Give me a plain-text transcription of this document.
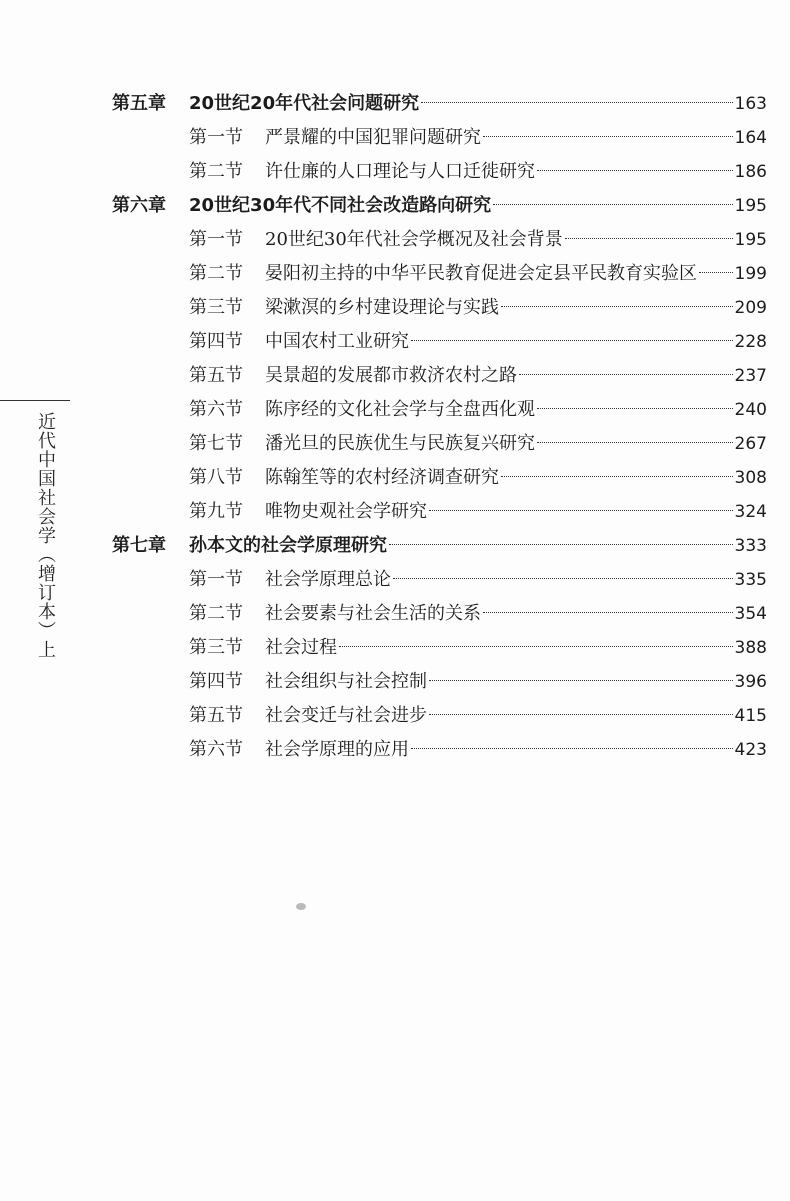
第五章	20世纪20年代社会问题研究	163
第一节	严景耀的中国犯罪问题研究	164
第二节	许仕廉的人口理论与人口迁徙研究	186
第六章	20世纪30年代不同社会改造路向研究	195
第一节	20世纪30年代社会学概况及社会背景	195
第二节	晏阳初主持的中华平民教育促进会定县平民教育实验区 199
第三节	梁漱溟的乡村建设理论与实践	209
第四节	中国农村工业研究	228
第五节	吴景超的发展都市救济农村之路	237
第六节	陈序经的文化社会学与全盘西化观	240
第七节	潘光旦的民族优生与民族复兴研究	267
第八节	陈翰笙等的农村经济调查研究	308
第九节	唯物史观社会学研究	324
第七章	孙本文的社会学原理研究	333
第一节	社会学原理总论	335
第二节	社会要素与社会生活的关系	354
第三节	社会过程	388
第四节	社会组织与社会控制	396
第五节	社会变迁与社会进步	415
第六节	社会学原理的应用	423
近代中国社会学（增订本）上
